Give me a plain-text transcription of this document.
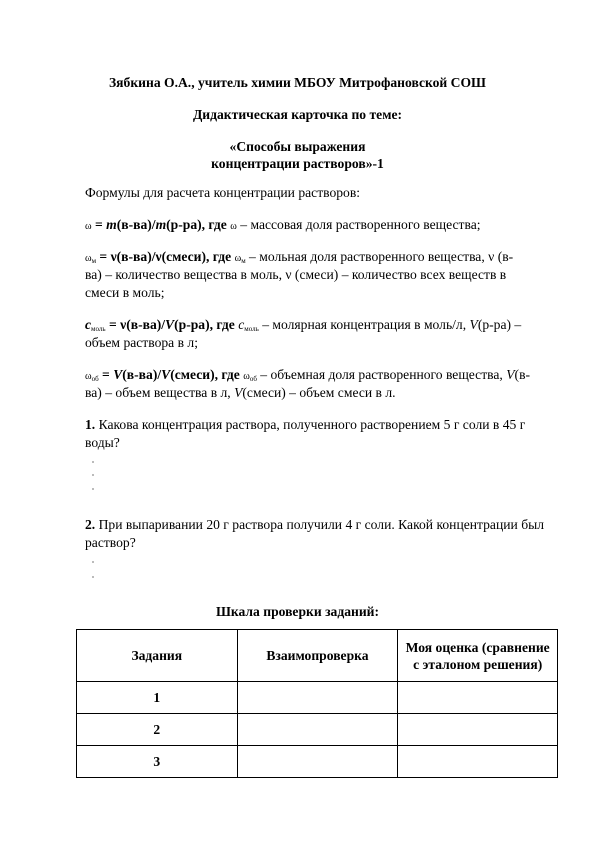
Зябкина О.А., учитель химии МБОУ Митрофановской СОШ
Дидактическая карточка по теме:
«Способы выражения
концентрации растворов»-1
Формулы для расчета концентрации растворов:
ω = m(в-ва)/m(р-ра), где ω – массовая доля растворенного вещества;
$\omega_м$ = ν(в-ва)/ν(смеси), где $\omega_м$ – мольная доля растворенного вещества, ν (в-
ва) – количество вещества в моль, ν (смеси) – количество всех веществ в
смеси в моль;
$c_{моль} = \nu(в-ва)/V(р-ра)$, где $c_{моль}$ – молярная концентрация в моль/л, V(р-ра) –
объем раствора в л;
$\omega_{об}$ = V(в-ва)/V(смеси), где $\omega_{об}$ – объемная доля растворенного вещества, V(в-
ва) – объем вещества в л, V(смеси) – объем смеси в л.
1. Какова концентрация раствора, полученного растворением 5 г соли в 45 г
воды?
2. При выпаривании 20 г раствора получили 4 г соли. Какой концентрации был
раствор?
Шкала проверки заданий:
Задания	Взаимопроверка	Моя оценка (сравнение
с эталоном решения)
1		
2		
3		
